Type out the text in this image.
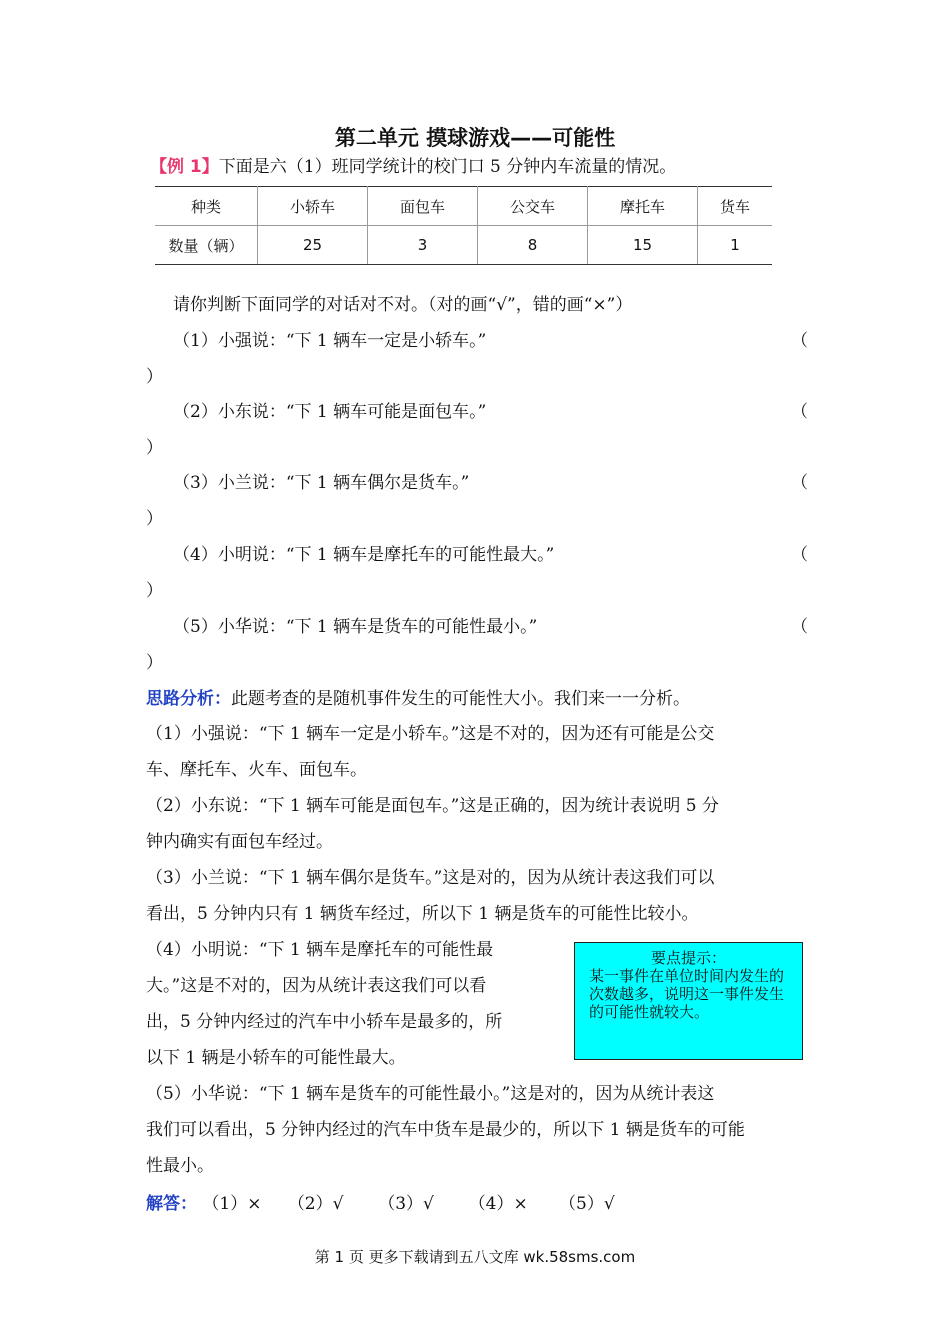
第二单元 摸球游戏——可能性
【例 1】下面是六（1）班同学统计的校门口 5 分钟内车流量的情况。
种类	小轿车	面包车	公交车	摩托车	货车
数量（辆）	25	3	8	15	1
请你判断下面同学的对话对不对。（对的画“√”，错的画“×”）
（1）小强说：“下 1 辆车一定是小轿车。”	（
）
（2）小东说：“下 1 辆车可能是面包车。”	（
）
（3）小兰说：“下 1 辆车偶尔是货车。”	（
）
（4）小明说：“下 1 辆车是摩托车的可能性最大。”	（
）
（5）小华说：“下 1 辆车是货车的可能性最小。”	（
）
思路分析：此题考查的是随机事件发生的可能性大小。我们来一一分析。
（1）小强说：“下 1 辆车一定是小轿车。”这是不对的，因为还有可能是公交
车、摩托车、火车、面包车。
（2）小东说：“下 1 辆车可能是面包车。”这是正确的，因为统计表说明 5 分
钟内确实有面包车经过。
（3）小兰说：“下 1 辆车偶尔是货车。”这是对的，因为从统计表这我们可以
看出，5 分钟内只有 1 辆货车经过，所以下 1 辆是货车的可能性比较小。
（4）小明说：“下 1 辆车是摩托车的可能性最
大。”这是不对的，因为从统计表这我们可以看
出，5 分钟内经过的汽车中小轿车是最多的，所
以下 1 辆是小轿车的可能性最大。
（5）小华说：“下 1 辆车是货车的可能性最小。”这是对的，因为从统计表这
我们可以看出，5 分钟内经过的汽车中货车是最少的，所以下 1 辆是货车的可能
性最小。
要点提示：
某一事件在单位时间内发生的次数越多，说明这一事件发生的可能性就较大。
解答： （1）× （2）√ （3）√ （4）× （5）√
第 1 页 更多下载请到五八文库 wk.58sms.com
